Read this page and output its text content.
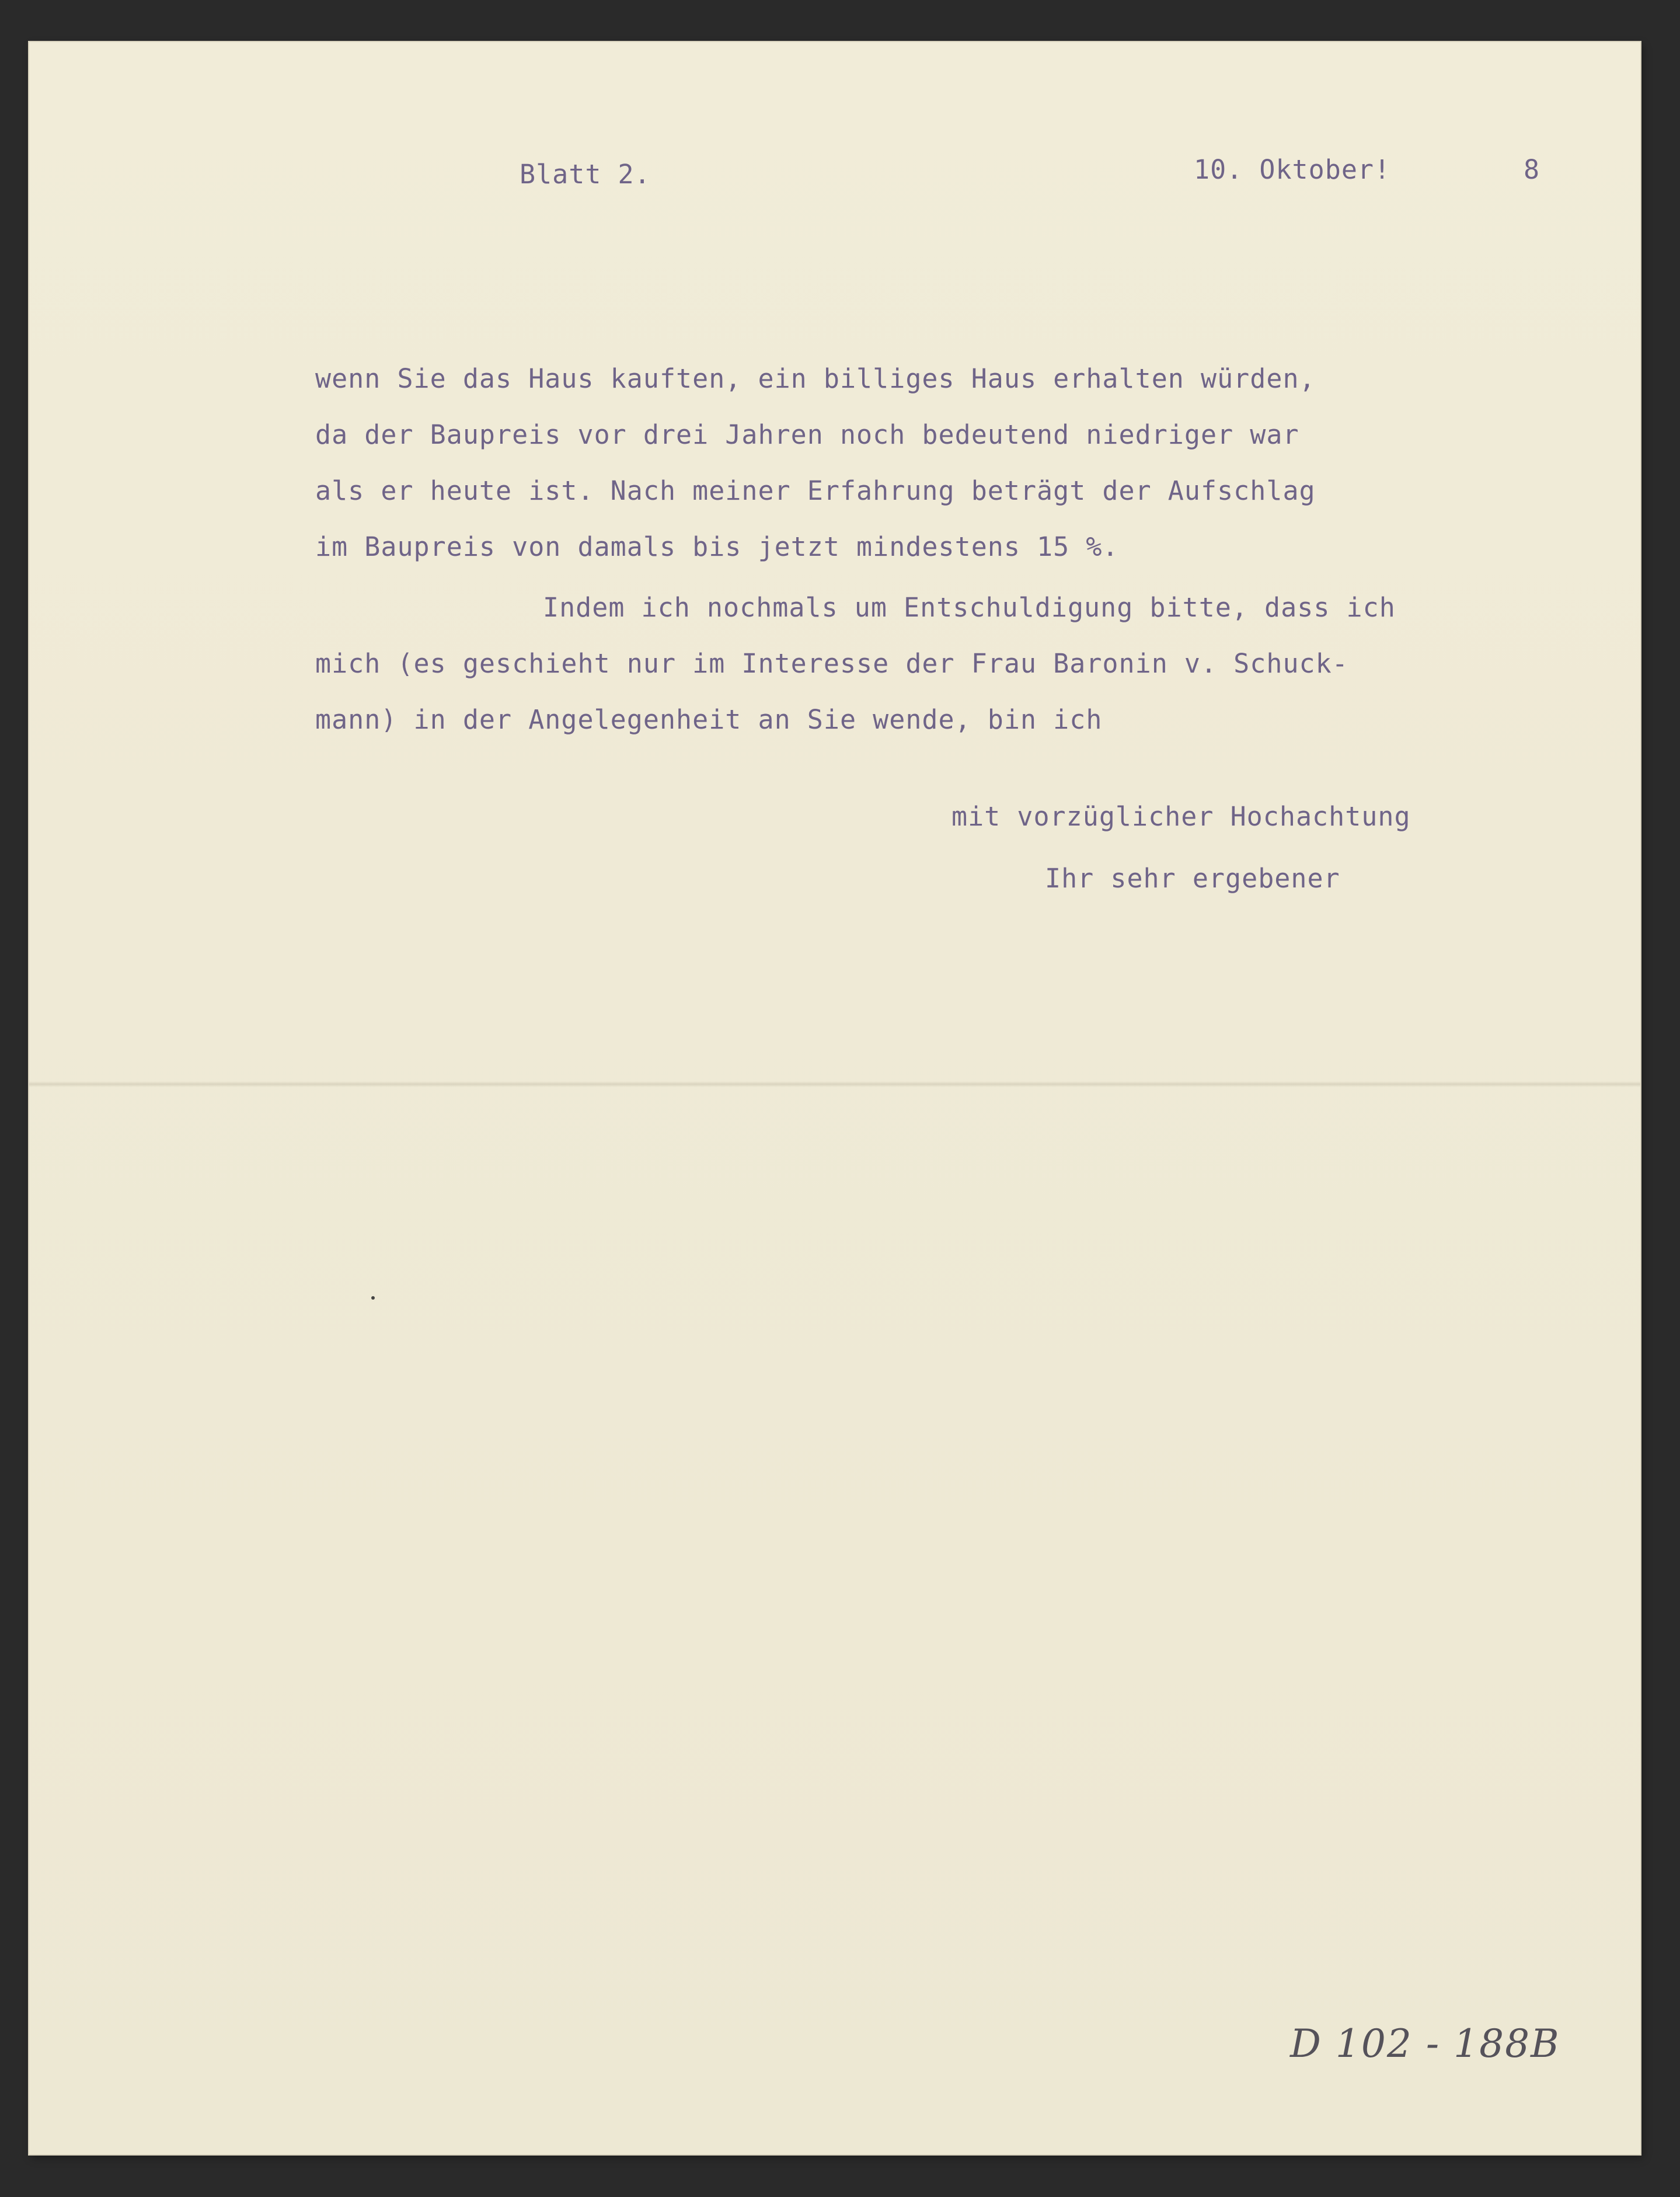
Blatt 2.	10. Oktober!	8
wenn Sie das Haus kauften, ein billiges Haus erhalten würden,
da der Baupreis vor drei Jahren noch bedeutend niedriger war
als er heute ist. Nach meiner Erfahrung beträgt der Aufschlag
im Baupreis von damals bis jetzt mindestens 15 %.
Indem ich nochmals um Entschuldigung bitte, dass ich
mich (es geschieht nur im Interesse der Frau Baronin v. Schuck-
mann) in der Angelegenheit an Sie wende, bin ich
mit vorzüglicher Hochachtung
Ihr sehr ergebener
D 102 - 188B
